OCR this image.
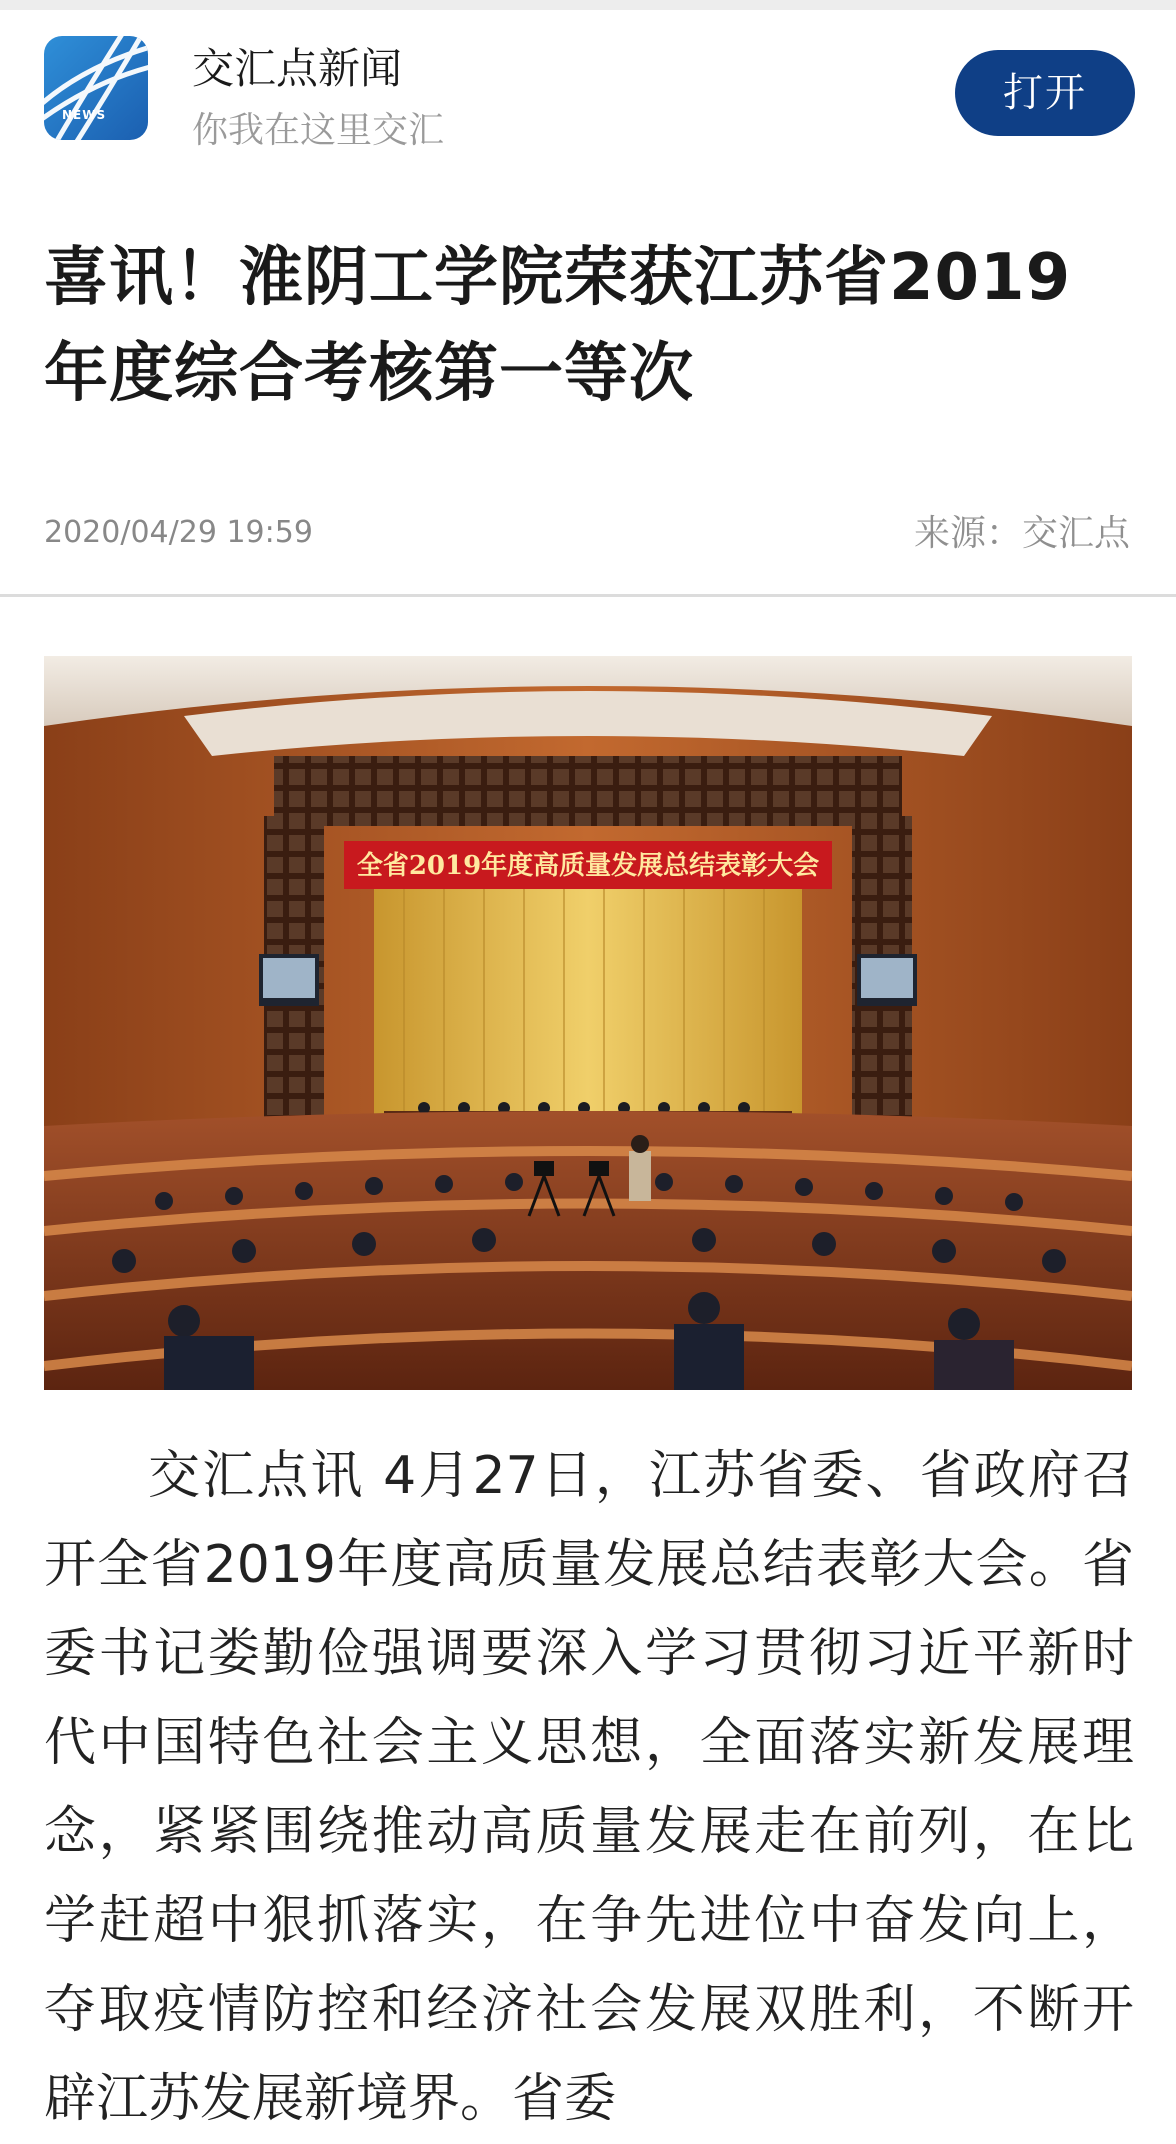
NEWS
交汇点新闻
你我在这里交汇
打开
喜讯！淮阴工学院荣获江苏省2019年度综合考核第一等次
2020/04/29 19:59	来源：交汇点
全省2019年度高质量发展总结表彰大会

交汇点讯 4月27日，江苏省委、省政府召开全省2019年度高质量发展总结表彰大会。省委书记娄勤俭强调要深入学习贯彻习近平新时代中国特色社会主义思想，全面落实新发展理念，紧紧围绕推动高质量发展走在前列，在比学赶超中狠抓落实，在争先进位中奋发向上，夺取疫情防控和经济社会发展双胜利，不断开辟江苏发展新境界。省委
